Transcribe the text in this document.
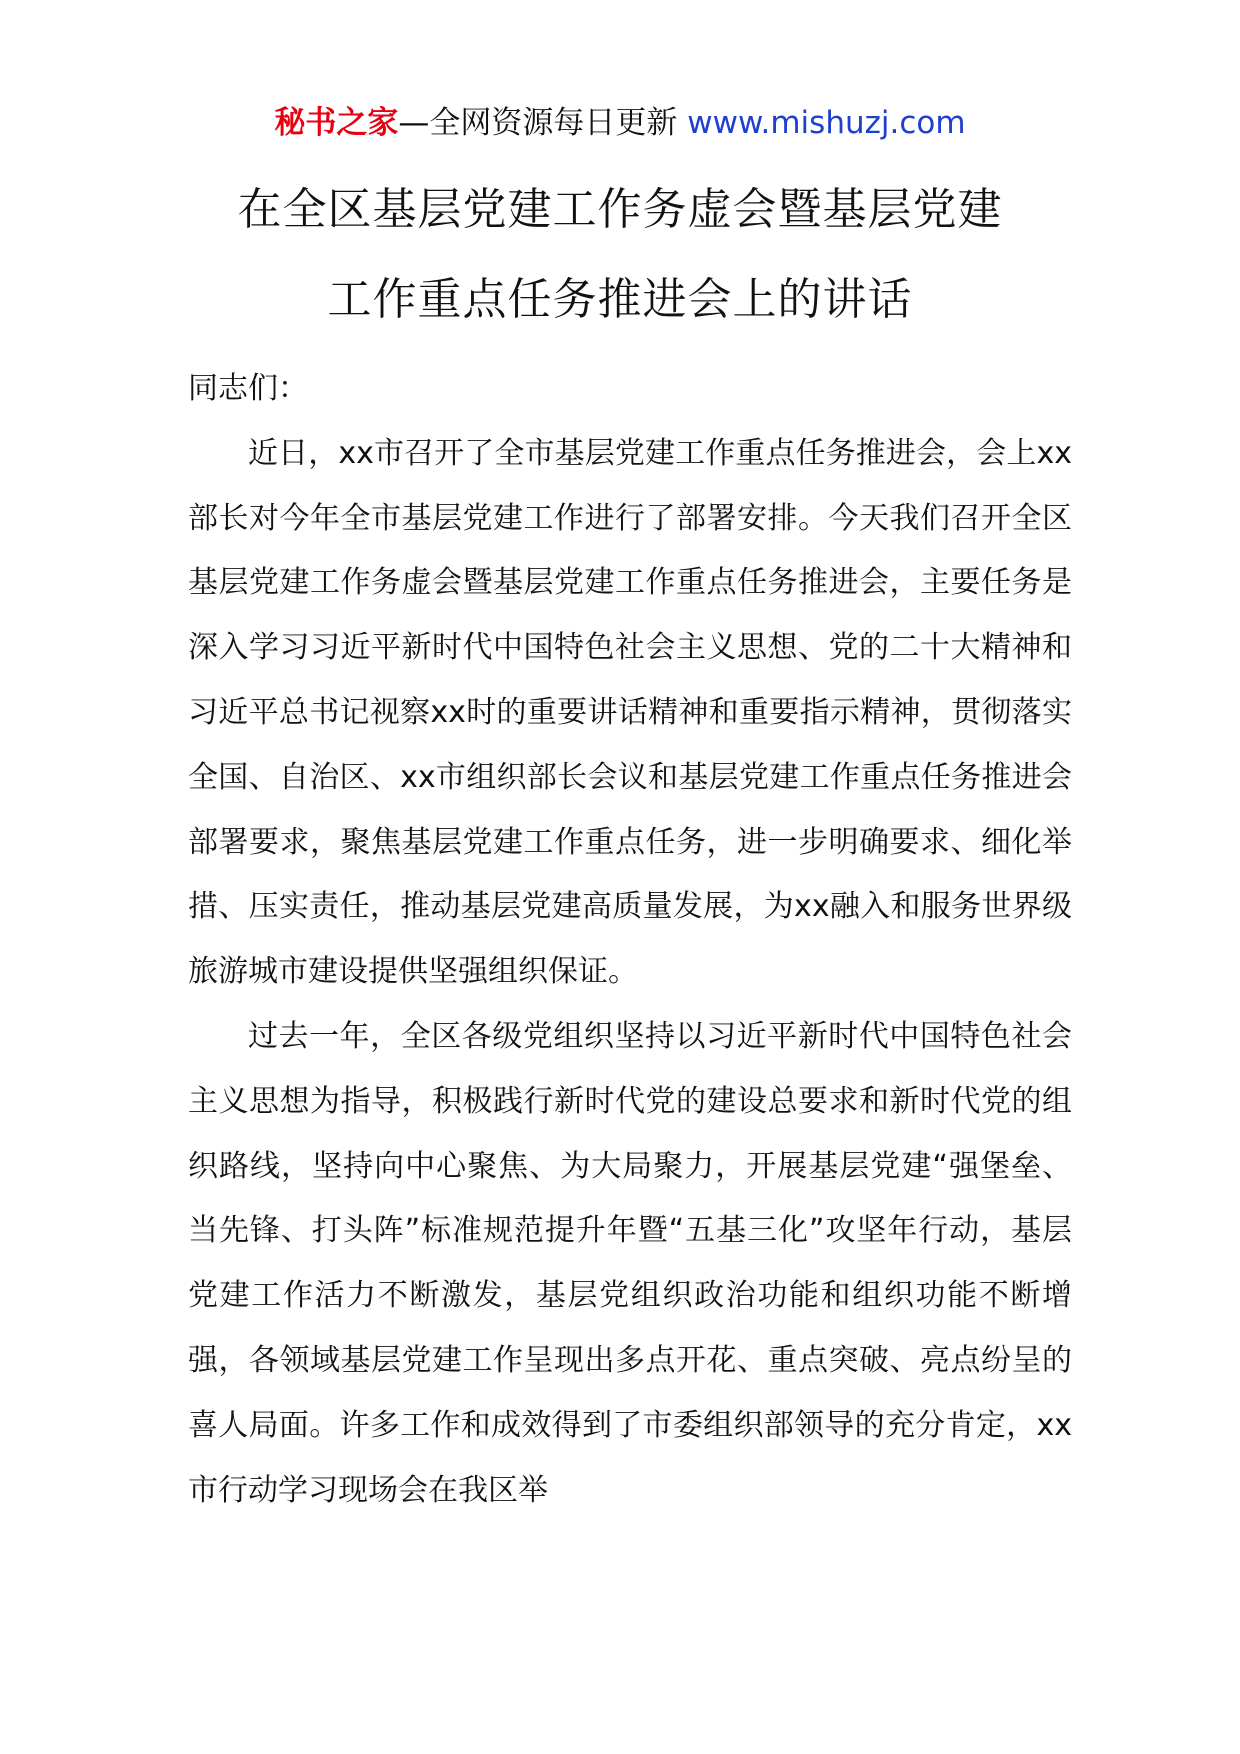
秘书之家—全网资源每日更新 www.mishuzj.com
在全区基层党建工作务虚会暨基层党建
工作重点任务推进会上的讲话

同志们：

近日，xx市召开了全市基层党建工作重点任务推进会，会上xx部长对今年全市基层党建工作进行了部署安排。今天我们召开全区基层党建工作务虚会暨基层党建工作重点任务推进会，主要任务是深入学习习近平新时代中国特色社会主义思想、党的二十大精神和习近平总书记视察xx时的重要讲话精神和重要指示精神，贯彻落实全国、自治区、xx市组织部长会议和基层党建工作重点任务推进会部署要求，聚焦基层党建工作重点任务，进一步明确要求、细化举措、压实责任，推动基层党建高质量发展，为xx融入和服务世界级旅游城市建设提供坚强组织保证。

过去一年，全区各级党组织坚持以习近平新时代中国特色社会主义思想为指导，积极践行新时代党的建设总要求和新时代党的组织路线，坚持向中心聚焦、为大局聚力，开展基层党建“强堡垒、当先锋、打头阵”标准规范提升年暨“五基三化”攻坚年行动，基层党建工作活力不断激发，基层党组织政治功能和组织功能不断增强，各领域基层党建工作呈现出多点开花、重点突破、亮点纷呈的喜人局面。许多工作和成效得到了市委组织部领导的充分肯定，xx市行动学习现场会在我区举
